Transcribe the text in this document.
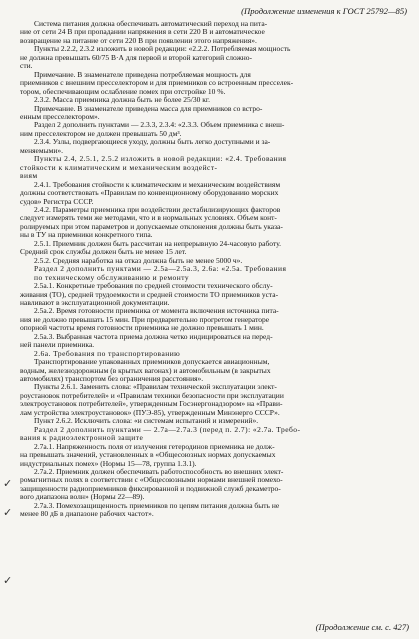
(Продолжение изменения к ГОСТ 25792—85)
Система питания должна обеспечивать автоматический переход на пита-
ние от сети 24 В при пропадании напряжения в сети 220 В и автоматическое
возвращение на питание от сети 220 В при появлении этого напряжения».
Пункты 2.2.2, 2.3.2 изложить в новой редакции: «2.2.2. Потребляемая мощность
не должна превышать 60/75 В·А для первой и второй категорий сложно-
сти.
Примечание. В знаменателе приведена потребляемая мощность для
приемников с внешним пресселектором и для приемников со встроенным пресселек-
тором, обеспечивающим ослабление помех при отстройке 10 %.
2.3.2. Масса приемника должна быть не более 25/30 кг.
Примечание. В знаменателе приведена масса для приемников со встро-
енным пресселектором».
Раздел 2 дополнить пунктами — 2.3.3, 2.3.4: «2.3.3. Объем приемника с внеш-
ним пресселектором не должен превышать 50 дм³.
2.3.4. Узлы, подвергающиеся уходу, должны быть легко доступными и за-
меняемыми».
Пункты 2.4, 2.5.1, 2.5.2 изложить в новой редакции: «2.4. Требования
стойкости к климатическим и механическим воздейст-
виям
2.4.1. Требования стойкости к климатическим и механическим воздействиям
должны соответствовать «Правилам по конвенционному оборудованию морских
судов» Регистра СССР.
2.4.2. Параметры приемника при воздействии дестабилизирующих факторов
следует измерять теми же методами, что и в нормальных условиях. Объем конт-
ролируемых при этом параметров и допускаемые отклонения должны быть указа-
ны в ТУ на приемники конкретного типа.
2.5.1. Приемник должен быть рассчитан на непрерывную 24-часовую работу.
Средний срок службы должен быть не менее 15 лет.
2.5.2. Средняя наработка на отказ должна быть не менее 5000 ч».
Раздел 2 дополнить пунктами — 2.5а—2.5а.3, 2.6а: «2.5а. Требования
по техническому обслуживанию и ремонту
2.5а.1. Конкретные требования по средней стоимости технического обслу-
живания (ТО), средней трудоемкости и средней стоимости ТО приемников уста-
навливают в эксплуатационной документации.
2.5а.2. Время готовности приемника от момента включения источника пита-
ния не должно превышать 15 мин. При предварительно прогретом генераторе
опорной частоты время готовности приемника не должно превышать 1 мин.
2.5а.3. Выбранная частота приема должна четко индицироваться на перед-
ней панели приемника.
2.6а. Требования по транспортированию
Транспортирование упакованных приемников допускается авиационным,
водным, железнодорожным (в крытых вагонах) и автомобильным (в закрытых
автомобилях) транспортом без ограничения расстояния».
Пункты 2.6.1. Заменить слова: «Правилам технической эксплуатации элект-
роустановок потребителей» и «Правилам техники безопасности при эксплуатации
электроустановок потребителей», утвержденным Госэнергонадзором» на «Прави-
лам устройства электроустановок» (ПУЭ-85), утвержденным Минэнерго СССР».
Пункт 2.6.2. Исключить слова: «и системам испытаний и измерений».
Раздел 2 дополнить пунктами — 2.7а—2.7а.3 (перед п. 2.7): «2.7а. Требо-
вания к радиоэлектронной защите
2.7а.1. Напряженность поля от излучения гетеродинов приемника не долж-
на превышать значений, установленных в «Общесоюзных нормах допускаемых
индустриальных помех» (Нормы 15—78, группа 1.3.1).
2.7а.2. Приемник должен обеспечивать работоспособность во внешних элект-
ромагнитных полях в соответствии с «Общесоюзными нормами внешней помехо-
защищенности радиоприемников фиксированной и подвижной служб декаметро-
вого диапазона волн» (Нормы 22—89).
2.7а.3. Помехозащищенность приемников по цепям питания должна быть не
менее 80 дБ в диапазоне рабочих частот».
✓
✓
✓
(Продолжение см. с. 427)
